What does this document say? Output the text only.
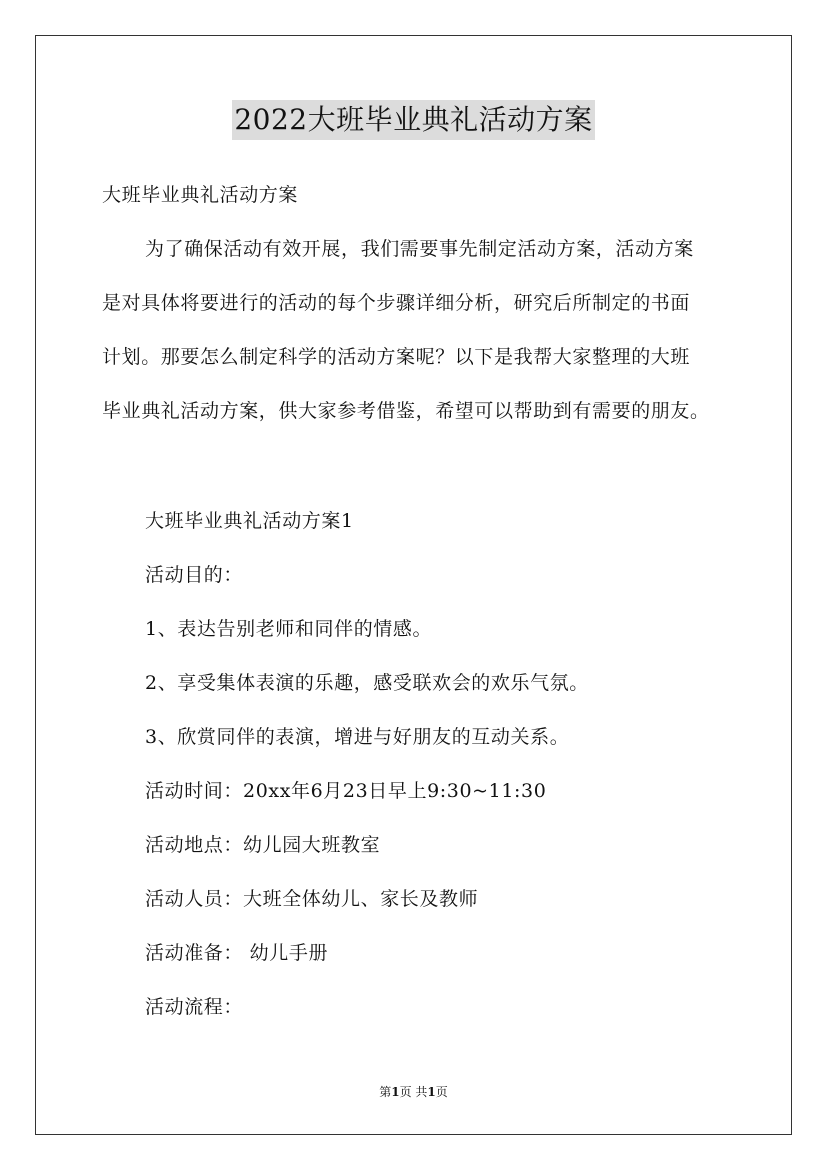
2022大班毕业典礼活动方案
大班毕业典礼活动方案
为了确保活动有效开展，我们需要事先制定活动方案，活动方案
是对具体将要进行的活动的每个步骤详细分析，研究后所制定的书面
计划。那要怎么制定科学的活动方案呢？以下是我帮大家整理的大班
毕业典礼活动方案，供大家参考借鉴，希望可以帮助到有需要的朋友。
大班毕业典礼活动方案1
活动目的：
1、表达告别老师和同伴的情感。
2、享受集体表演的乐趣，感受联欢会的欢乐气氛。
3、欣赏同伴的表演，增进与好朋友的互动关系。
活动时间：20xx年6月23日早上9:30~11:30
活动地点：幼儿园大班教室
活动人员：大班全体幼儿、家长及教师
活动准备： 幼儿手册
活动流程：
第1页 共1页
